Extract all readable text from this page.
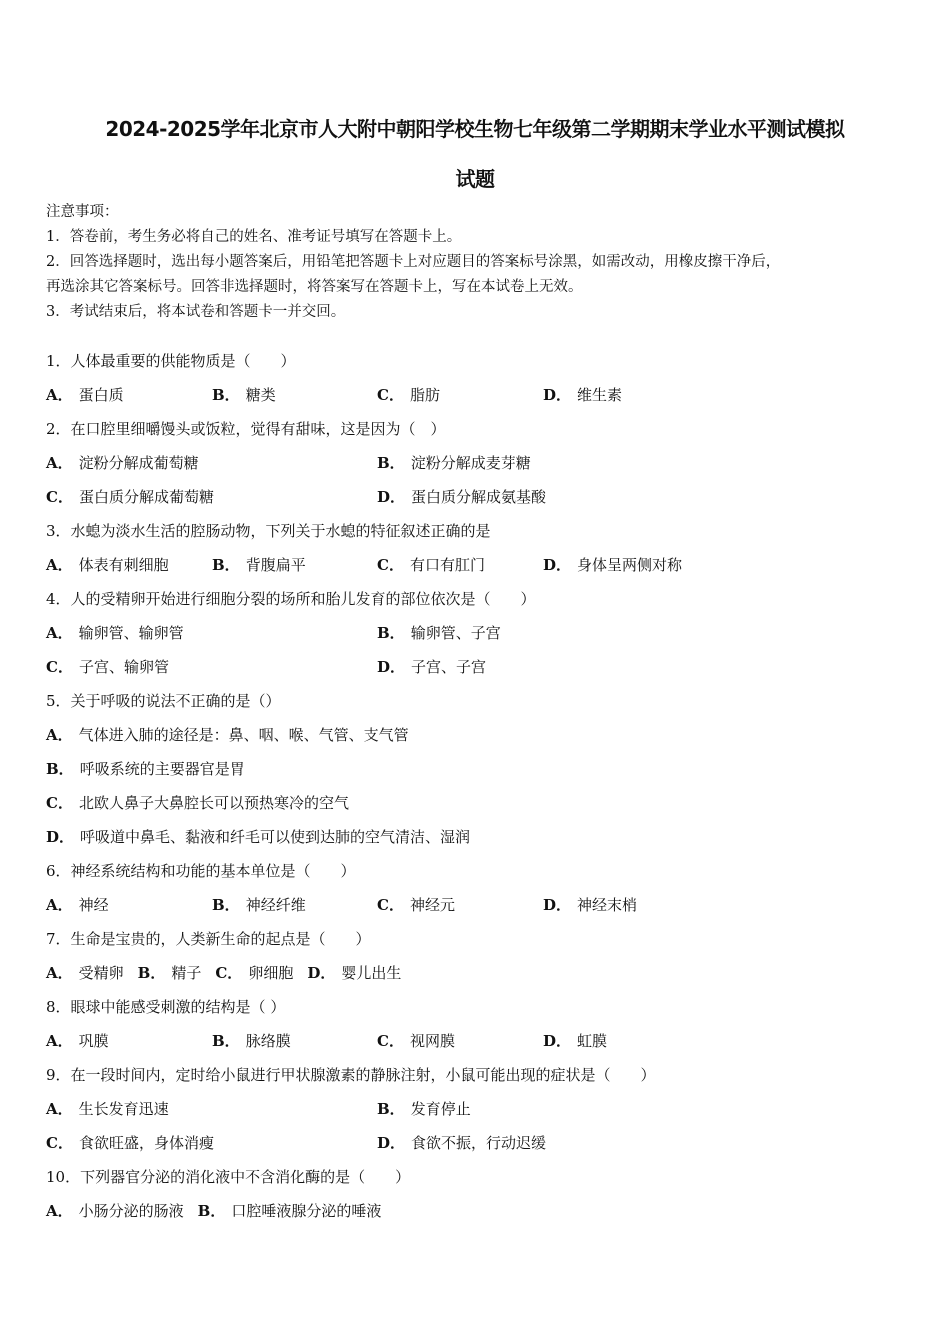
2024-2025学年北京市人大附中朝阳学校生物七年级第二学期期末学业水平测试模拟
试题
注意事项：
1．答卷前，考生务必将自己的姓名、准考证号填写在答题卡上。
2．回答选择题时，选出每小题答案后，用铅笔把答题卡上对应题目的答案标号涂黑，如需改动，用橡皮擦干净后，
再选涂其它答案标号。回答非选择题时，将答案写在答题卡上，写在本试卷上无效。
3．考试结束后，将本试卷和答题卡一并交回。
1．人体最重要的供能物质是（　　）
A． 蛋白质	B． 糖类	C． 脂肪	D． 维生素
2．在口腔里细嚼馒头或饭粒，觉得有甜味，这是因为（　）
A． 淀粉分解成葡萄糖	B． 淀粉分解成麦芽糖
C． 蛋白质分解成葡萄糖	D． 蛋白质分解成氨基酸
3．水螅为淡水生活的腔肠动物，下列关于水螅的特征叙述正确的是
A． 体表有刺细胞	B． 背腹扁平	C． 有口有肛门	D． 身体呈两侧对称
4．人的受精卵开始进行细胞分裂的场所和胎儿发育的部位依次是（　　）
A． 输卵管、输卵管	B． 输卵管、子宫
C． 子宫、输卵管	D． 子宫、子宫
5．关于呼吸的说法不正确的是（）
A． 气体进入肺的途径是：鼻、咽、喉、气管、支气管
B． 呼吸系统的主要器官是胃
C． 北欧人鼻子大鼻腔长可以预热寒冷的空气
D． 呼吸道中鼻毛、黏液和纤毛可以使到达肺的空气清洁、湿润
6．神经系统结构和功能的基本单位是（　　）
A． 神经	B． 神经纤维	C． 神经元	D． 神经末梢
7．生命是宝贵的，人类新生命的起点是（　　）
A． 受精卵 B． 精子 C． 卵细胞 D． 婴儿出生
8．眼球中能感受刺激的结构是（ ）
A． 巩膜	B． 脉络膜	C． 视网膜	D． 虹膜
9．在一段时间内，定时给小鼠进行甲状腺激素的静脉注射，小鼠可能出现的症状是（　　）
A． 生长发育迅速	B． 发育停止
C． 食欲旺盛，身体消瘦	D． 食欲不振，行动迟缓
10．下列器官分泌的消化液中不含消化酶的是（　　）
A． 小肠分泌的肠液 B． 口腔唾液腺分泌的唾液
